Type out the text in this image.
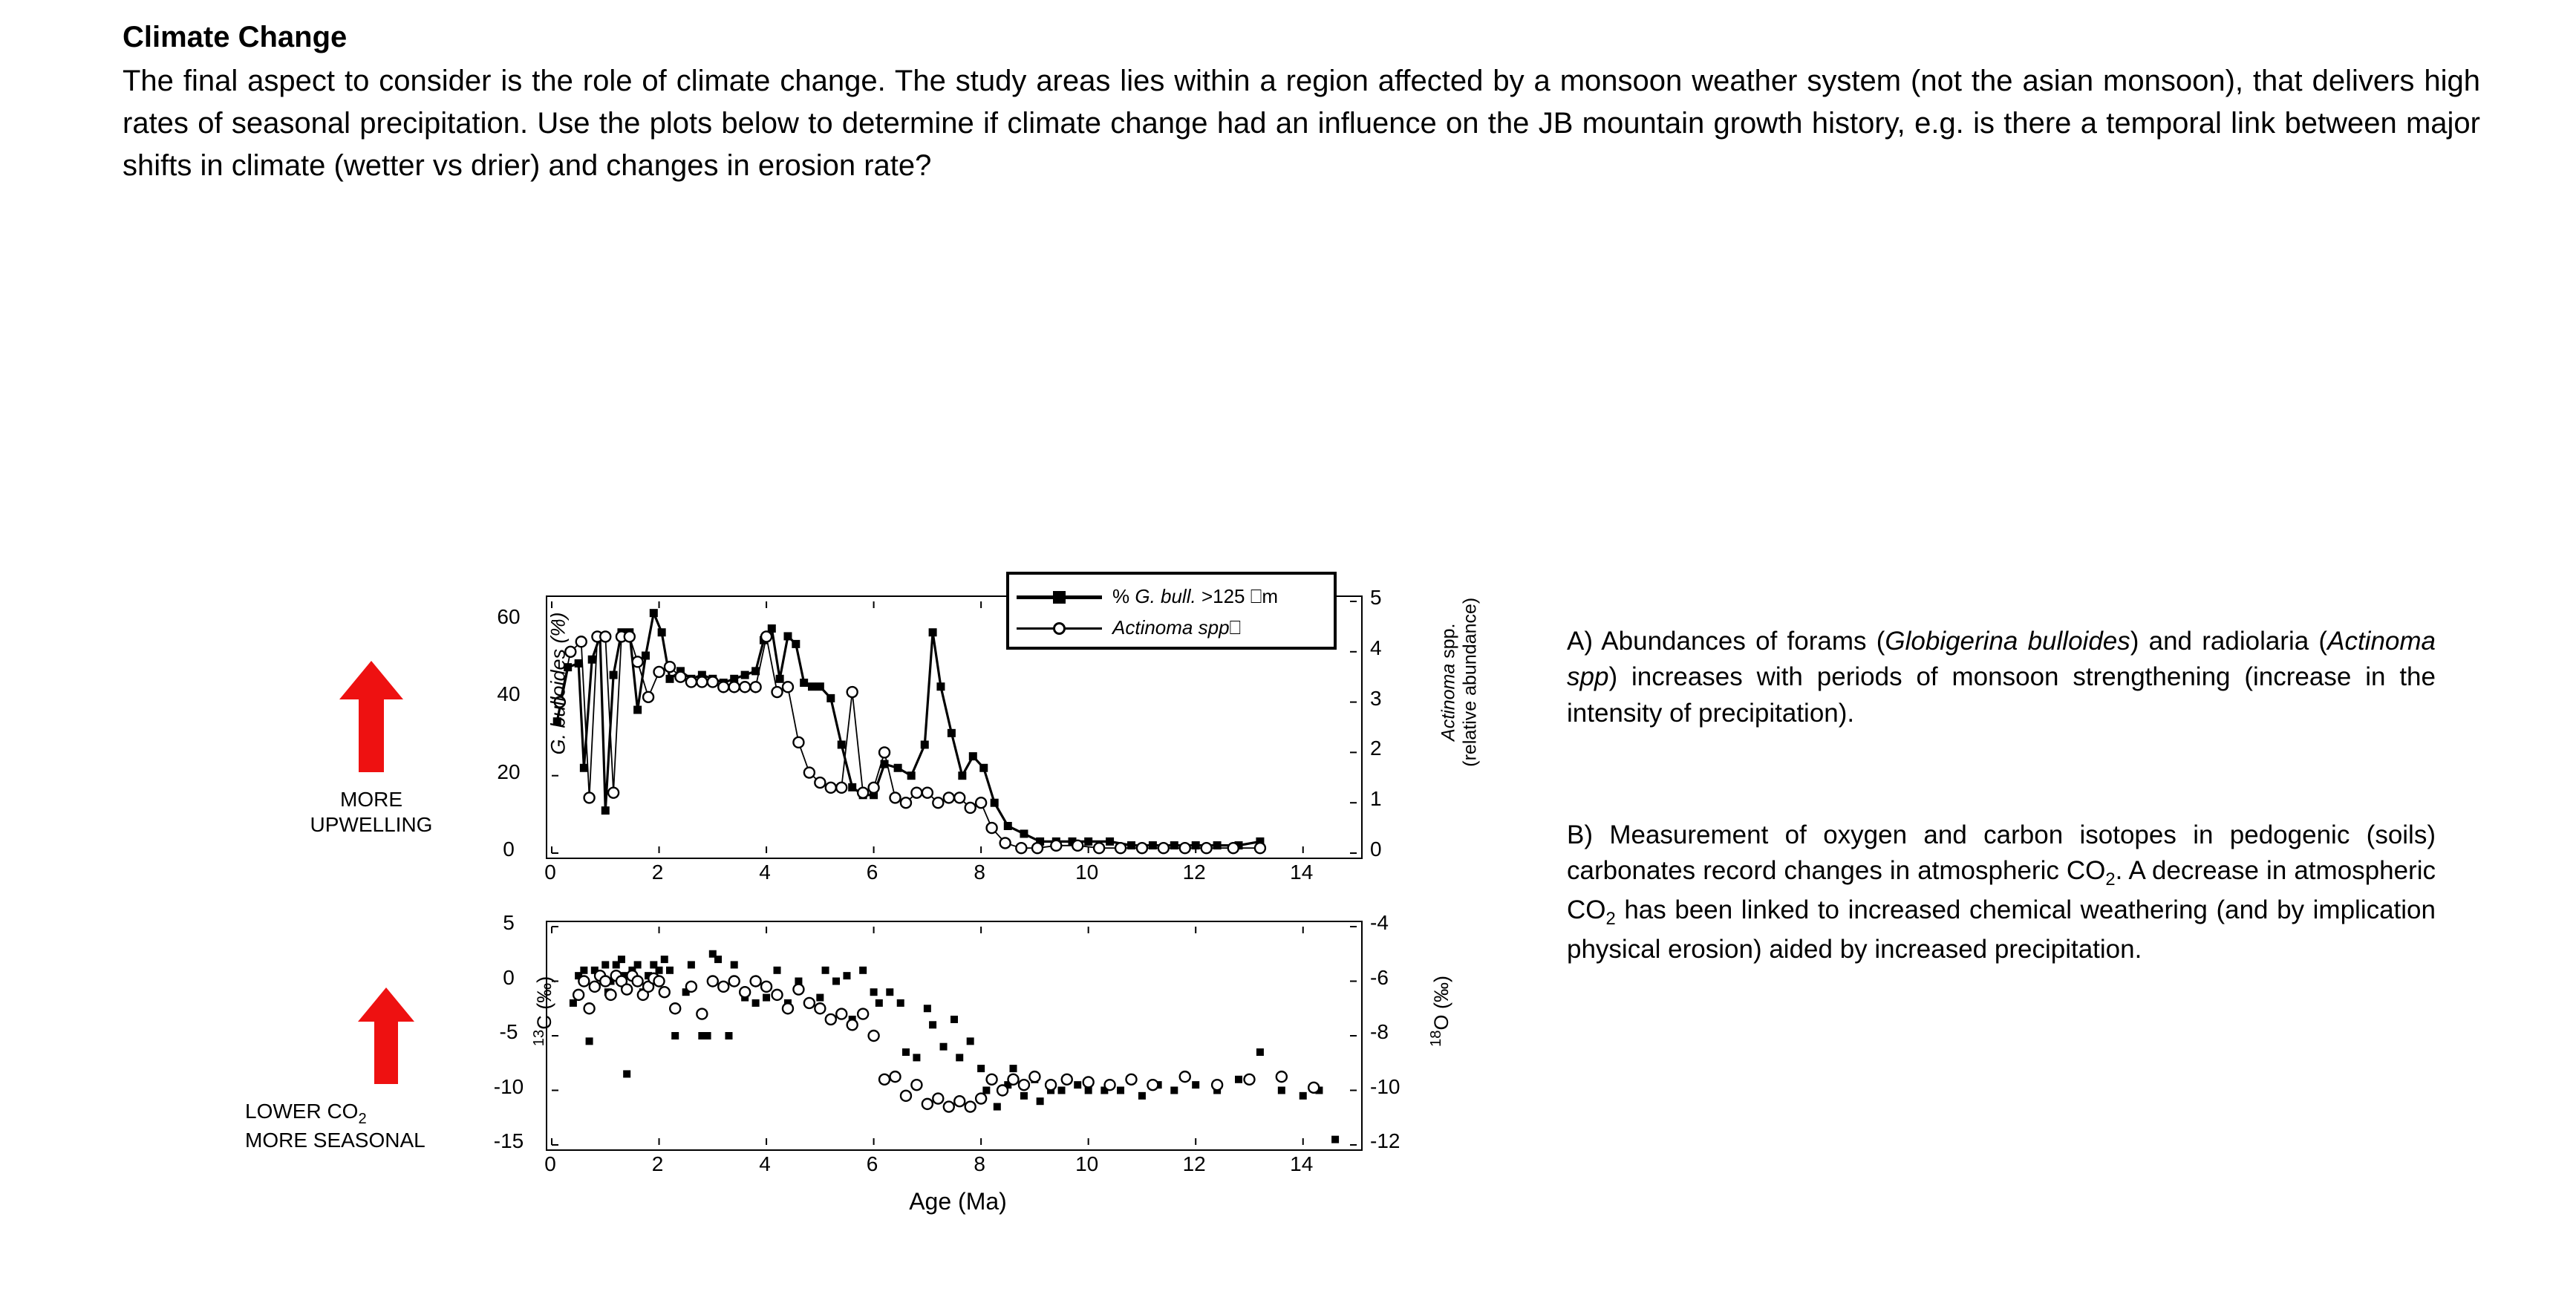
Climate Change

The final aspect to consider is the role of climate change. The study areas lies within a region affected by a monsoon weather system (not the asian monsoon), that delivers high rates of seasonal precipitation. Use the plots below to determine if climate change had an influence on the JB mountain growth history, e.g. is there a temporal link between major shifts in climate (wetter vs drier) and changes in erosion rate?

G. bulloides (%)
Actinoma spp.
(relative abundance)
% G. bull. >125 ⎕m
Actinoma spp⎕
$^{13}$C (‰)
$^{18}$O (‰)
Age (Ma)
MORE
UPWELLING
LOWER $CO_2$
MORE SEASONAL
0	2	4	6	8	10	12	14
0
20
40
60
0
1
2
3
4
5
0	2	4	6	8	10	12	14
5
0
-5
-10
-15
-4
-6
-8
-10
-12

A) Abundances of forams (Globigerina bulloides) and radiolaria (Actinoma spp) increases with periods of monsoon strengthening (increase in the intensity of precipitation).

B) Measurement of oxygen and carbon isotopes in pedogenic (soils) carbonates record changes in atmospheric $CO_2$. A decrease in atmospheric $CO_2$ has been linked to increased chemical weathering (and by implication physical erosion) aided by increased precipitation.
